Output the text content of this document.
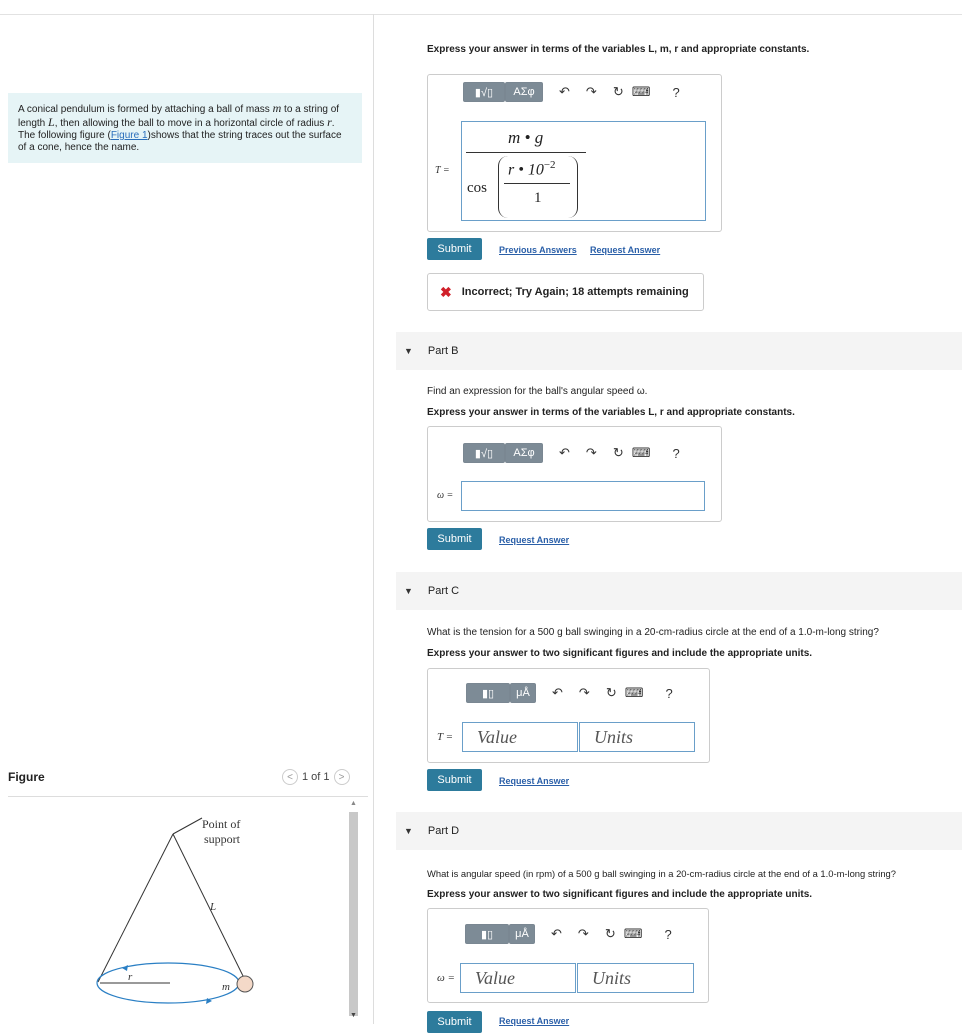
A conical pendulum is formed by attaching a ball of mass m to a string of length L, then allowing the ball to move in a horizontal circle of radius r. The following figure (Figure 1)shows that the string traces out the surface of a cone, hence the name.
Figure	< 1 of 1 >
Point of
support
L
r
m
▲
▼
Express your answer in terms of the variables L, m, r and appropriate constants.
▮√▯	ΑΣφ	↶ ↷ ↻ ⌨ ?
T =
m • g
cos
r • $10^{-2}$
1
Submit	Previous Answers Request Answer
✖ Incorrect; Try Again; 18 attempts remaining
▼ Part B
Find an expression for the ball's angular speed ω.
Express your answer in terms of the variables L, r and appropriate constants.
▮√▯	ΑΣφ	↶ ↷ ↻ ⌨ ?
ω =
Submit	Request Answer
▼ Part C
What is the tension for a 500 g ball swinging in a 20-cm-radius circle at the end of a 1.0-m-long string?
Express your answer to two significant figures and include the appropriate units.
▮▯	μÅ	↶ ↷ ↻ ⌨ ?
T =	Value	Units
Submit	Request Answer
▼ Part D
What is angular speed (in rpm) of a 500 g ball swinging in a 20-cm-radius circle at the end of a 1.0-m-long string?
Express your answer to two significant figures and include the appropriate units.
▮▯	μÅ	↶ ↷ ↻ ⌨ ?
ω =	Value	Units
Submit	Request Answer
